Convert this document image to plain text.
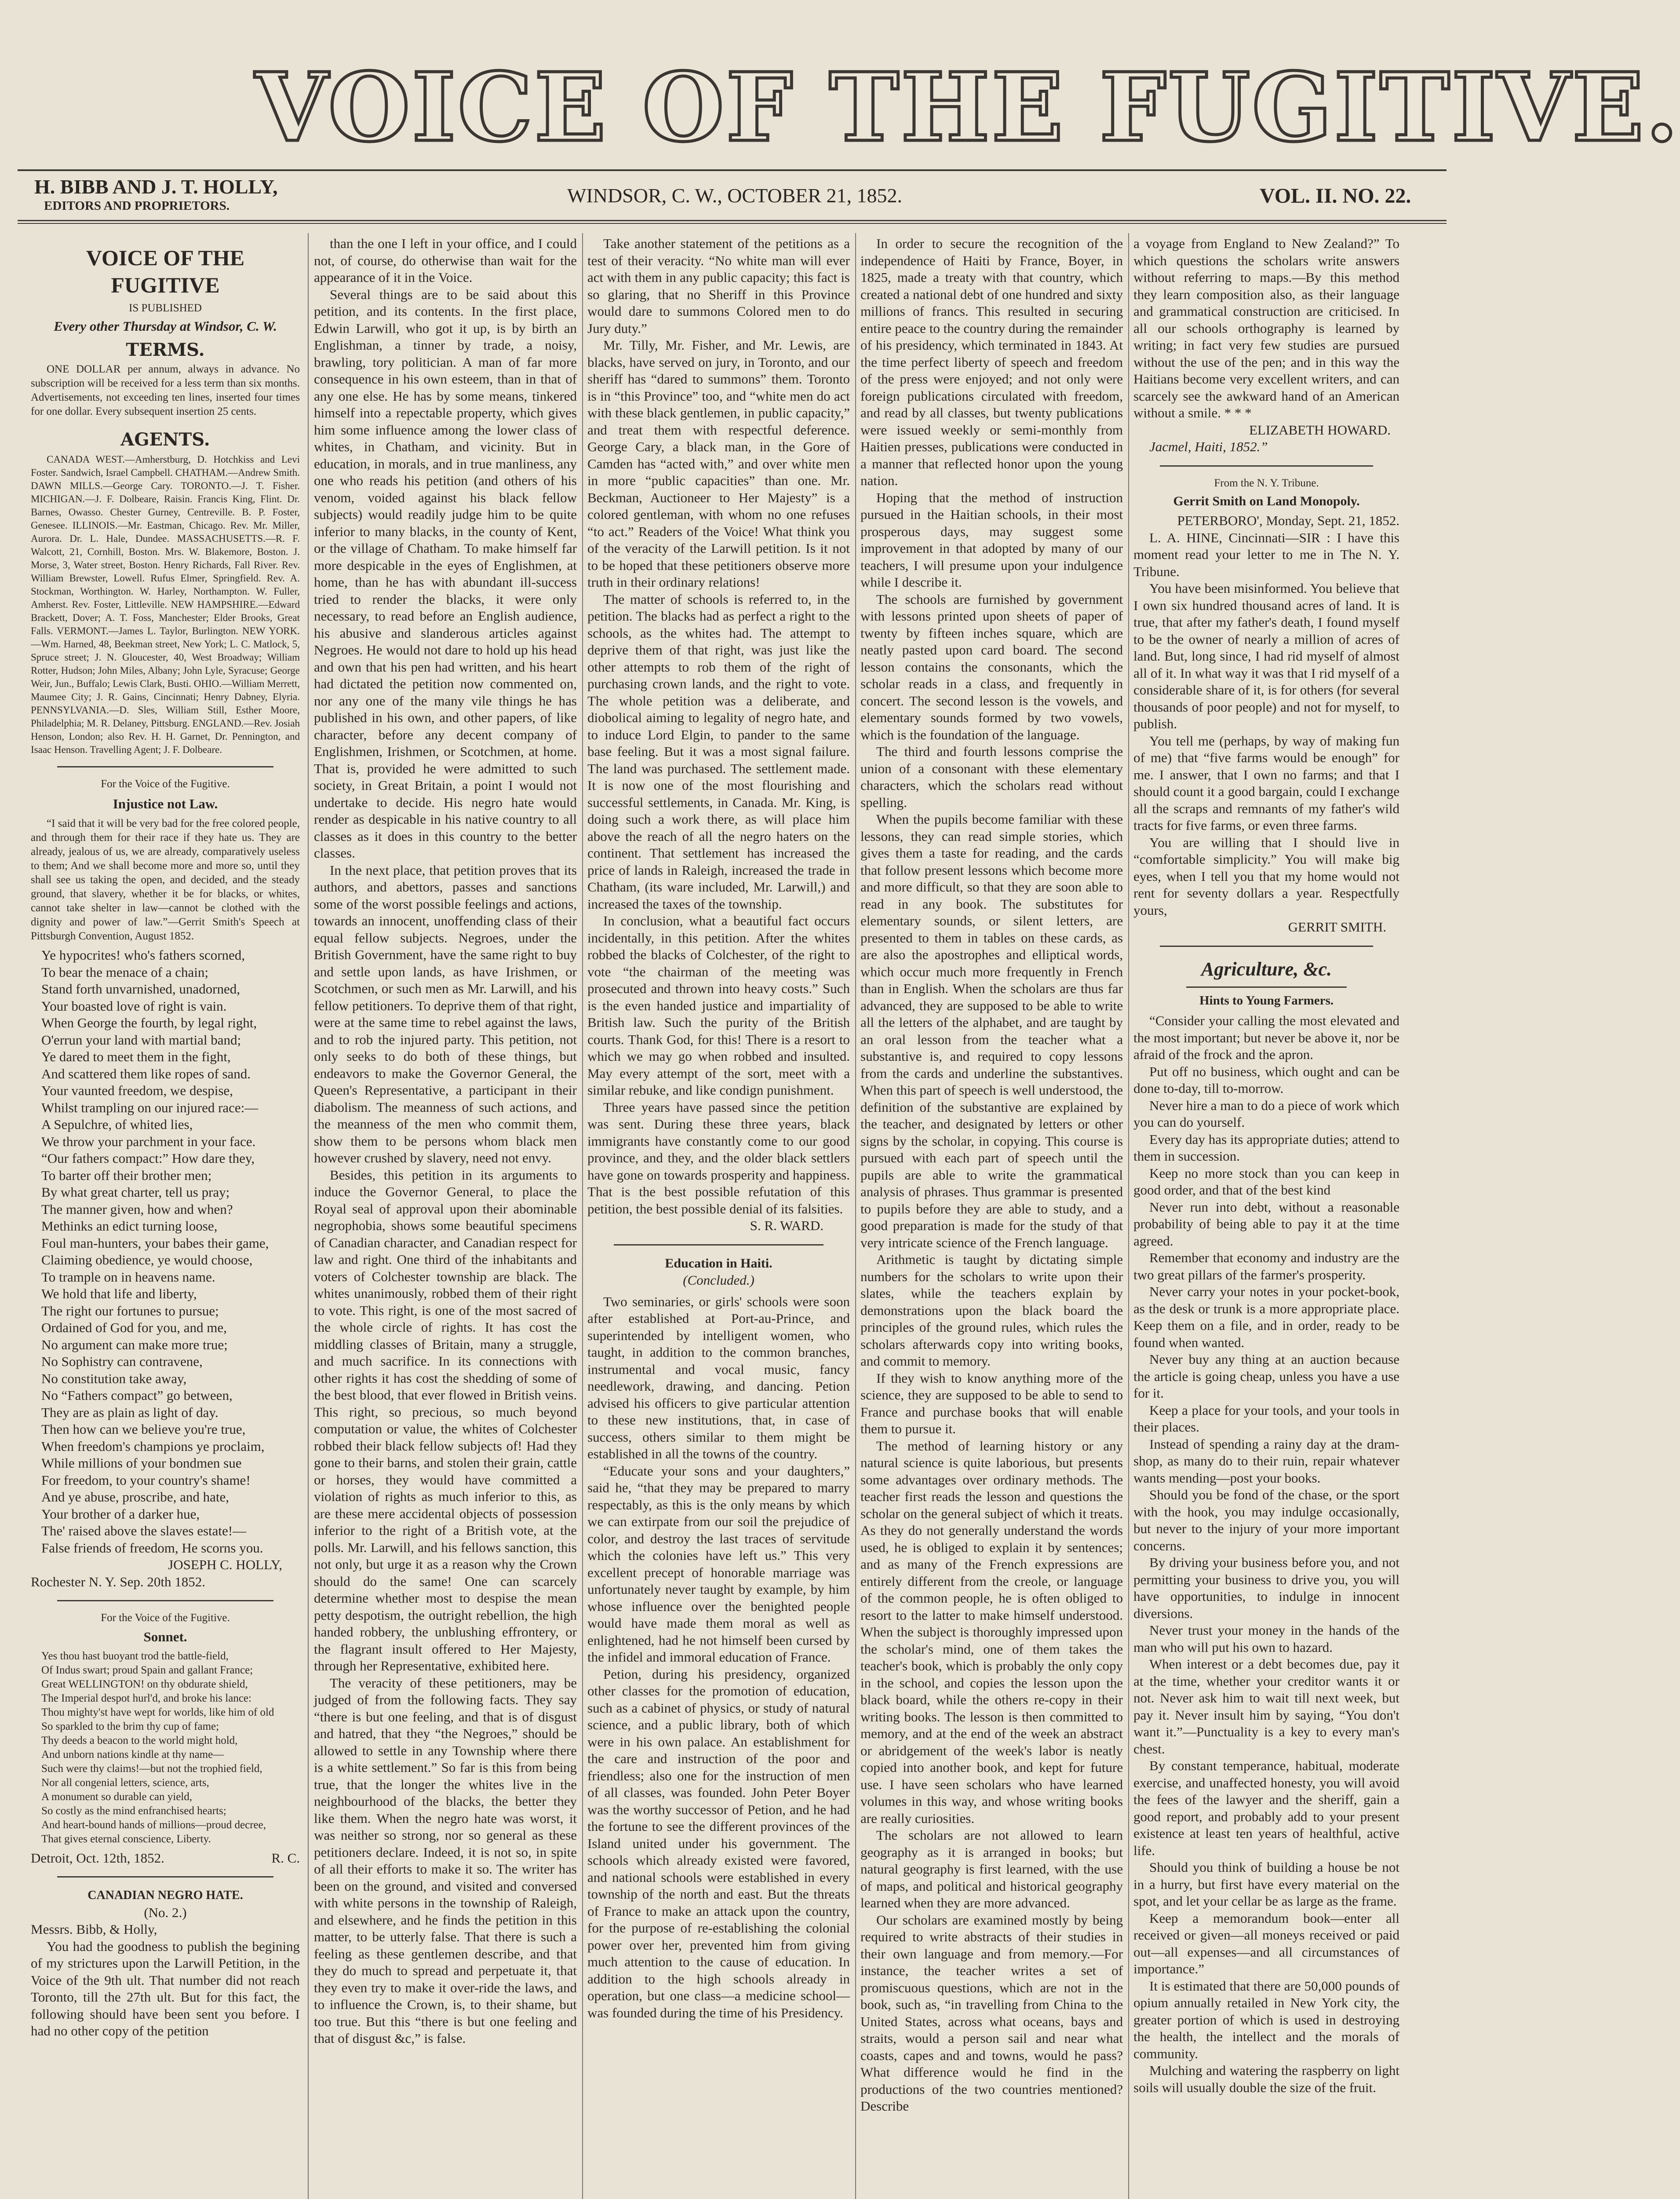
VOICE OF THE FUGITIVE.
H. BIBB AND J. T. HOLLY,
EDITORS AND PROPRIETORS.	WINDSOR, C. W., OCTOBER 21, 1852.	VOL. II. NO. 22.
VOICE OF THE FUGITIVE
IS PUBLISHED
Every other Thursday at Windsor, C. W.
TERMS.

ONE DOLLAR per annum, always in advance. No subscription will be received for a less term than six months. Advertisements, not exceeding ten lines, inserted four times for one dollar. Every subsequent insertion 25 cents.

AGENTS.

CANADA WEST.—Amherstburg, D. Hotchkiss and Levi Foster. Sandwich, Israel Campbell. CHATHAM.—Andrew Smith. DAWN MILLS.—George Cary. TORONTO.—J. T. Fisher. MICHIGAN.—J. F. Dolbeare, Raisin. Francis King, Flint. Dr. Barnes, Owasso. Chester Gurney, Centreville. B. P. Foster, Genesee. ILLINOIS.—Mr. Eastman, Chicago. Rev. Mr. Miller, Aurora. Dr. L. Hale, Dundee. MASSACHUSETTS.—R. F. Walcott, 21, Cornhill, Boston. Mrs. W. Blakemore, Boston. J. Morse, 3, Water street, Boston. Henry Richards, Fall River. Rev. William Brewster, Lowell. Rufus Elmer, Springfield. Rev. A. Stockman, Worthington. W. Harley, Northampton. W. Fuller, Amherst. Rev. Foster, Littleville. NEW HAMPSHIRE.—Edward Brackett, Dover; A. T. Foss, Manchester; Elder Brooks, Great Falls. VERMONT.—James L. Taylor, Burlington. NEW YORK.—Wm. Harned, 48, Beekman street, New York; L. C. Matlock, 5, Spruce street; J. N. Gloucester, 40, West Broadway; William Rotter, Hudson; John Miles, Albany; John Lyle, Syracuse; George Weir, Jun., Buffalo; Lewis Clark, Busti. OHIO.—William Merrett, Maumee City; J. R. Gains, Cincinnati; Henry Dabney, Elyria. PENNSYLVANIA.—D. Sles, William Still, Esther Moore, Philadelphia; M. R. Delaney, Pittsburg. ENGLAND.—Rev. Josiah Henson, London; also Rev. H. H. Garnet, Dr. Pennington, and Isaac Henson. Travelling Agent; J. F. Dolbeare.

For the Voice of the Fugitive.
Injustice not Law.

“I said that it will be very bad for the free colored people, and through them for their race if they hate us. They are already, jealous of us, we are already, comparatively useless to them; And we shall become more and more so, until they shall see us taking the open, and decided, and the steady ground, that slavery, whether it be for blacks, or whites, cannot take shelter in law—cannot be clothed with the dignity and power of law.”—Gerrit Smith's Speech at Pittsburgh Convention, August 1852.

Ye hypocrites! who's fathers scorned,
To bear the menace of a chain;
Stand forth unvarnished, unadorned,
Your boasted love of right is vain.
When George the fourth, by legal right,
O'errun your land with martial band;
Ye dared to meet them in the fight,
And scattered them like ropes of sand.
Your vaunted freedom, we despise,
Whilst trampling on our injured race:—
A Sepulchre, of whited lies,
We throw your parchment in your face.
“Our fathers compact:” How dare they,
To barter off their brother men;
By what great charter, tell us pray;
The manner given, how and when?
Methinks an edict turning loose,
Foul man-hunters, your babes their game,
Claiming obedience, ye would choose,
To trample on in heavens name.
We hold that life and liberty,
The right our fortunes to pursue;
Ordained of God for you, and me,
No argument can make more true;
No Sophistry can contravene,
No constitution take away,
No “Fathers compact” go between,
They are as plain as light of day.
Then how can we believe you're true,
When freedom's champions ye proclaim,
While millions of your bondmen sue
For freedom, to your country's shame!
And ye abuse, proscribe, and hate,
Your brother of a darker hue,
The' raised above the slaves estate!—
False friends of freedom, He scorns you.
JOSEPH C. HOLLY,
Rochester N. Y. Sep. 20th 1852.
For the Voice of the Fugitive.
Sonnet.
Yes thou hast buoyant trod the battle-field,
Of Indus swart; proud Spain and gallant France;
Great WELLINGTON! on thy obdurate shield,
The Imperial despot hurl'd, and broke his lance:
Thou mighty'st have wept for worlds, like him of old
So sparkled to the brim thy cup of fame;
Thy deeds a beacon to the world might hold,
And unborn nations kindle at thy name—
Such were thy claims!—but not the trophied field,
Nor all congenial letters, science, arts,
A monument so durable can yield,
So costly as the mind enfranchised hearts;
And heart-bound hands of millions—proud decree,
That gives eternal conscience, Liberty.
Detroit, Oct. 12th, 1852.	R. C.
CANADIAN NEGRO HATE.
(No. 2.)
Messrs. Bibb, & Holly,

You had the goodness to publish the begining of my strictures upon the Larwill Petition, in the Voice of the 9th ult. That number did not reach Toronto, till the 27th ult. But for this fact, the following should have been sent you before. I had no other copy of the petition

than the one I left in your office, and I could not, of course, do otherwise than wait for the appearance of it in the Voice.

Several things are to be said about this petition, and its contents. In the first place, Edwin Larwill, who got it up, is by birth an Englishman, a tinner by trade, a noisy, brawling, tory politician. A man of far more consequence in his own esteem, than in that of any one else. He has by some means, tinkered himself into a repectable property, which gives him some influence among the lower class of whites, in Chatham, and vicinity. But in education, in morals, and in true manliness, any one who reads his petition (and others of his venom, voided against his black fellow subjects) would readily judge him to be quite inferior to many blacks, in the county of Kent, or the village of Chatham. To make himself far more despicable in the eyes of Englishmen, at home, than he has with abundant ill-success tried to render the blacks, it were only necessary, to read before an English audience, his abusive and slanderous articles against Negroes. He would not dare to hold up his head and own that his pen had written, and his heart had dictated the petition now commented on, nor any one of the many vile things he has published in his own, and other papers, of like character, before any decent company of Englishmen, Irishmen, or Scotchmen, at home. That is, provided he were admitted to such society, in Great Britain, a point I would not undertake to decide. His negro hate would render as despicable in his native country to all classes as it does in this country to the better classes.

In the next place, that petition proves that its authors, and abettors, passes and sanctions some of the worst possible feelings and actions, towards an innocent, unoffending class of their equal fellow subjects. Negroes, under the British Government, have the same right to buy and settle upon lands, as have Irishmen, or Scotchmen, or such men as Mr. Larwill, and his fellow petitioners. To deprive them of that right, were at the same time to rebel against the laws, and to rob the injured party. This petition, not only seeks to do both of these things, but endeavors to make the Governor General, the Queen's Representative, a participant in their diabolism. The meanness of such actions, and the meanness of the men who commit them, show them to be persons whom black men however crushed by slavery, need not envy.

Besides, this petition in its arguments to induce the Governor General, to place the Royal seal of approval upon their abominable negrophobia, shows some beautiful specimens of Canadian character, and Canadian respect for law and right. One third of the inhabitants and voters of Colchester township are black. The whites unanimously, robbed them of their right to vote. This right, is one of the most sacred of the whole circle of rights. It has cost the middling classes of Britain, many a struggle, and much sacrifice. In its connections with other rights it has cost the shedding of some of the best blood, that ever flowed in British veins. This right, so precious, so much beyond computation or value, the whites of Colchester robbed their black fellow subjects of! Had they gone to their barns, and stolen their grain, cattle or horses, they would have committed a violation of rights as much inferior to this, as are these mere accidental objects of possession inferior to the right of a British vote, at the polls. Mr. Larwill, and his fellows sanction, this not only, but urge it as a reason why the Crown should do the same! One can scarcely determine whether most to despise the mean petty despotism, the outright rebellion, the high handed robbery, the unblushing effrontery, or the flagrant insult offered to Her Majesty, through her Representative, exhibited here.

The veracity of these petitioners, may be judged of from the following facts. They say “there is but one feeling, and that is of disgust and hatred, that they “the Negroes,” should be allowed to settle in any Township where there is a white settlement.” So far is this from being true, that the longer the whites live in the neighbourhood of the blacks, the better they like them. When the negro hate was worst, it was neither so strong, nor so general as these petitioners declare. Indeed, it is not so, in spite of all their efforts to make it so. The writer has been on the ground, and visited and conversed with white persons in the township of Raleigh, and elsewhere, and he finds the petition in this matter, to be utterly false. That there is such a feeling as these gentlemen describe, and that they do much to spread and perpetuate it, that they even try to make it over-ride the laws, and to influence the Crown, is, to their shame, but too true. But this “there is but one feeling and that of disgust &c,” is false.

Take another statement of the petitions as a test of their veracity. “No white man will ever act with them in any public capacity; this fact is so glaring, that no Sheriff in this Province would dare to summons Colored men to do Jury duty.”

Mr. Tilly, Mr. Fisher, and Mr. Lewis, are blacks, have served on jury, in Toronto, and our sheriff has “dared to summons” them. Toronto is in “this Province” too, and “white men do act with these black gentlemen, in public capacity,” and treat them with respectful deference. George Cary, a black man, in the Gore of Camden has “acted with,” and over white men in more “public capacities” than one. Mr. Beckman, Auctioneer to Her Majesty” is a colored gentleman, with whom no one refuses “to act.” Readers of the Voice! What think you of the veracity of the Larwill petition. Is it not to be hoped that these petitioners observe more truth in their ordinary relations!

The matter of schools is referred to, in the petition. The blacks had as perfect a right to the schools, as the whites had. The attempt to deprive them of that right, was just like the other attempts to rob them of the right of purchasing crown lands, and the right to vote. The whole petition was a deliberate, and diobolical aiming to legality of negro hate, and to induce Lord Elgin, to pander to the same base feeling. But it was a most signal failure. The land was purchased. The settlement made. It is now one of the most flourishing and successful settlements, in Canada. Mr. King, is doing such a work there, as will place him above the reach of all the negro haters on the continent. That settlement has increased the price of lands in Raleigh, increased the trade in Chatham, (its ware included, Mr. Larwill,) and increased the taxes of the township.

In conclusion, what a beautiful fact occurs incidentally, in this petition. After the whites robbed the blacks of Colchester, of the right to vote “the chairman of the meeting was prosecuted and thrown into heavy costs.” Such is the even handed justice and impartiality of British law. Such the purity of the British courts. Thank God, for this! There is a resort to which we may go when robbed and insulted. May every attempt of the sort, meet with a similar rebuke, and like condign punishment.

Three years have passed since the petition was sent. During these three years, black immigrants have constantly come to our good province, and they, and the older black settlers have gone on towards prosperity and happiness. That is the best possible refutation of this petition, the best possible denial of its falsities.

S. R. WARD.
Education in Haiti.
(Concluded.)

Two seminaries, or girls' schools were soon after established at Port-au-Prince, and superintended by intelligent women, who taught, in addition to the common branches, instrumental and vocal music, fancy needlework, drawing, and dancing. Petion advised his officers to give particular attention to these new institutions, that, in case of success, others similar to them might be established in all the towns of the country.

“Educate your sons and your daughters,” said he, “that they may be prepared to marry respectably, as this is the only means by which we can extirpate from our soil the prejudice of color, and destroy the last traces of servitude which the colonies have left us.” This very excellent precept of honorable marriage was unfortunately never taught by example, by him whose influence over the benighted people would have made them moral as well as enlightened, had he not himself been cursed by the infidel and immoral education of France.

Petion, during his presidency, organized other classes for the promotion of education, such as a cabinet of physics, or study of natural science, and a public library, both of which were in his own palace. An establishment for the care and instruction of the poor and friendless; also one for the instruction of men of all classes, was founded. John Peter Boyer was the worthy successor of Petion, and he had the fortune to see the different provinces of the Island united under his government. The schools which already existed were favored, and national schools were established in every township of the north and east. But the threats of France to make an attack upon the country, for the purpose of re-establishing the colonial power over her, prevented him from giving much attention to the cause of education. In addition to the high schools already in operation, but one class—a medicine school—was founded during the time of his Presidency.

In order to secure the recognition of the independence of Haiti by France, Boyer, in 1825, made a treaty with that country, which created a national debt of one hundred and sixty millions of francs. This resulted in securing entire peace to the country during the remainder of his presidency, which terminated in 1843. At the time perfect liberty of speech and freedom of the press were enjoyed; and not only were foreign publications circulated with freedom, and read by all classes, but twenty publications were issued weekly or semi-monthly from Haitien presses, publications were conducted in a manner that reflected honor upon the young nation.

Hoping that the method of instruction pursued in the Haitian schools, in their most prosperous days, may suggest some improvement in that adopted by many of our teachers, I will presume upon your indulgence while I describe it.

The schools are furnished by government with lessons printed upon sheets of paper of twenty by fifteen inches square, which are neatly pasted upon card board. The second lesson contains the consonants, which the scholar reads in a class, and frequently in concert. The second lesson is the vowels, and elementary sounds formed by two vowels, which is the foundation of the language.

The third and fourth lessons comprise the union of a consonant with these elementary characters, which the scholars read without spelling.

When the pupils become familiar with these lessons, they can read simple stories, which gives them a taste for reading, and the cards that follow present lessons which become more and more difficult, so that they are soon able to read in any book. The substitutes for elementary sounds, or silent letters, are presented to them in tables on these cards, as are also the apostrophes and elliptical words, which occur much more frequently in French than in English. When the scholars are thus far advanced, they are supposed to be able to write all the letters of the alphabet, and are taught by an oral lesson from the teacher what a substantive is, and required to copy lessons from the cards and underline the substantives. When this part of speech is well understood, the definition of the substantive are explained by the teacher, and designated by letters or other signs by the scholar, in copying. This course is pursued with each part of speech until the pupils are able to write the grammatical analysis of phrases. Thus grammar is presented to pupils before they are able to study, and a good preparation is made for the study of that very intricate science of the French language.

Arithmetic is taught by dictating simple numbers for the scholars to write upon their slates, while the teachers explain by demonstrations upon the black board the principles of the ground rules, which rules the scholars afterwards copy into writing books, and commit to memory.

If they wish to know anything more of the science, they are supposed to be able to send to France and purchase books that will enable them to pursue it.

The method of learning history or any natural science is quite laborious, but presents some advantages over ordinary methods. The teacher first reads the lesson and questions the scholar on the general subject of which it treats. As they do not generally understand the words used, he is obliged to explain it by sentences; and as many of the French expressions are entirely different from the creole, or language of the common people, he is often obliged to resort to the latter to make himself understood. When the subject is thoroughly impressed upon the scholar's mind, one of them takes the teacher's book, which is probably the only copy in the school, and copies the lesson upon the black board, while the others re-copy in their writing books. The lesson is then committed to memory, and at the end of the week an abstract or abridgement of the week's labor is neatly copied into another book, and kept for future use. I have seen scholars who have learned volumes in this way, and whose writing books are really curiosities.

The scholars are not allowed to learn geography as it is arranged in books; but natural geography is first learned, with the use of maps, and political and historical geography learned when they are more advanced.

Our scholars are examined mostly by being required to write abstracts of their studies in their own language and from memory.—For instance, the teacher writes a set of promiscuous questions, which are not in the book, such as, “in travelling from China to the United States, across what oceans, bays and straits, would a person sail and near what coasts, capes and and towns, would he pass? What difference would he find in the productions of the two countries mentioned? Describe

a voyage from England to New Zealand?” To which questions the scholars write answers without referring to maps.—By this method they learn composition also, as their language and grammatical construction are criticised. In all our schools orthography is learned by writing; in fact very few studies are pursued without the use of the pen; and in this way the Haitians become very excellent writers, and can scarcely see the awkward hand of an American without a smile. * * *

ELIZABETH HOWARD.
Jacmel, Haiti, 1852.”
From the N. Y. Tribune.
Gerrit Smith on Land Monopoly.
PETERBORO', Monday, Sept. 21, 1852.

L. A. HINE, Cincinnati—SIR : I have this moment read your letter to me in The N. Y. Tribune.

You have been misinformed. You believe that I own six hundred thousand acres of land. It is true, that after my father's death, I found myself to be the owner of nearly a million of acres of land. But, long since, I had rid myself of almost all of it. In what way it was that I rid myself of a considerable share of it, is for others (for several thousands of poor people) and not for myself, to publish.

You tell me (perhaps, by way of making fun of me) that “five farms would be enough” for me. I answer, that I own no farms; and that I should count it a good bargain, could I exchange all the scraps and remnants of my father's wild tracts for five farms, or even three farms.

You are willing that I should live in “comfortable simplicity.” You will make big eyes, when I tell you that my home would not rent for seventy dollars a year. Respectfully yours,

GERRIT SMITH.
Agriculture, &c.
Hints to Young Farmers.

“Consider your calling the most elevated and the most important; but never be above it, nor be afraid of the frock and the apron.

Put off no business, which ought and can be done to-day, till to-morrow.

Never hire a man to do a piece of work which you can do yourself.

Every day has its appropriate duties; attend to them in succession.

Keep no more stock than you can keep in good order, and that of the best kind

Never run into debt, without a reasonable probability of being able to pay it at the time agreed.

Remember that economy and industry are the two great pillars of the farmer's prosperity.

Never carry your notes in your pocket-book, as the desk or trunk is a more appropriate place. Keep them on a file, and in order, ready to be found when wanted.

Never buy any thing at an auction because the article is going cheap, unless you have a use for it.

Keep a place for your tools, and your tools in their places.

Instead of spending a rainy day at the dram-shop, as many do to their ruin, repair whatever wants mending—post your books.

Should you be fond of the chase, or the sport with the hook, you may indulge occasionally, but never to the injury of your more important concerns.

By driving your business before you, and not permitting your business to drive you, you will have opportunities, to indulge in innocent diversions.

Never trust your money in the hands of the man who will put his own to hazard.

When interest or a debt becomes due, pay it at the time, whether your creditor wants it or not. Never ask him to wait till next week, but pay it. Never insult him by saying, “You don't want it.”—Punctuality is a key to every man's chest.

By constant temperance, habitual, moderate exercise, and unaffected honesty, you will avoid the fees of the lawyer and the sheriff, gain a good report, and probably add to your present existence at least ten years of healthful, active life.

Should you think of building a house be not in a hurry, but first have every material on the spot, and let your cellar be as large as the frame.

Keep a memorandum book—enter all received or given—all moneys received or paid out—all expenses—and all circumstances of importance.”

It is estimated that there are 50,000 pounds of opium annually retailed in New York city, the greater portion of which is used in destroying the health, the intellect and the morals of community.

Mulching and watering the raspberry on light soils will usually double the size of the fruit.
